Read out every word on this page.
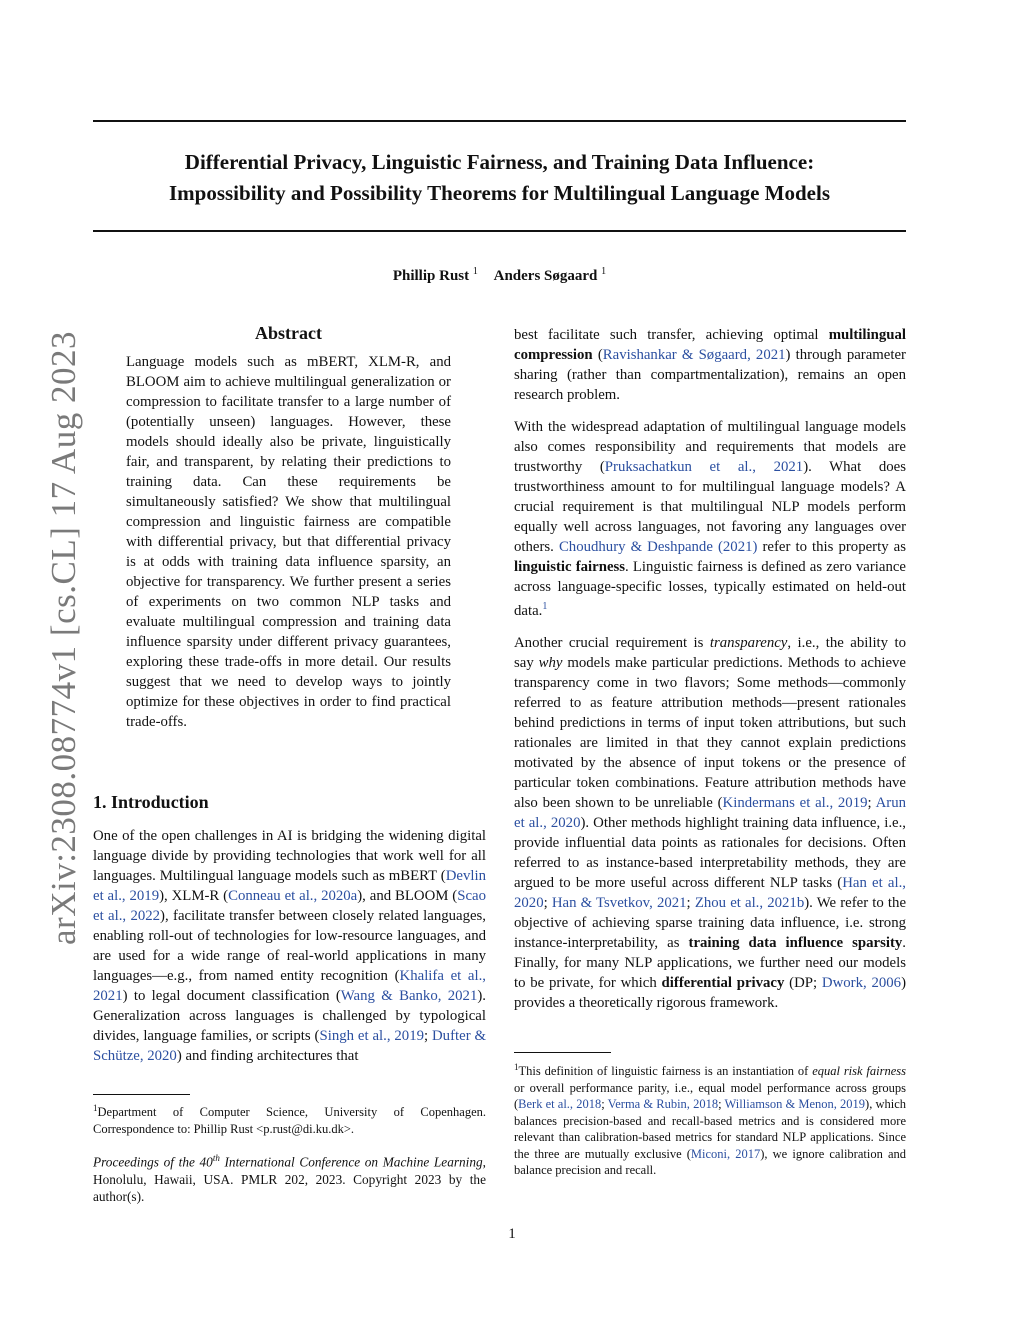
arXiv:2308.08774v1 [cs.CL] 17 Aug 2023
Differential Privacy, Linguistic Fairness, and Training Data Influence:
Impossibility and Possibility Theorems for Multilingual Language Models
Phillip Rust $^1$ Anders Søgaard $^1$
Abstract

Language models such as mBERT, XLM-R, and BLOOM aim to achieve multilingual generalization or compression to facilitate transfer to a large number of (potentially unseen) languages. However, these models should ideally also be private, linguistically fair, and transparent, by relating their predictions to training data. Can these requirements be simultaneously satisfied? We show that multilingual compression and linguistic fairness are compatible with differential privacy, but that differential privacy is at odds with training data influence sparsity, an objective for transparency. We further present a series of experiments on two common NLP tasks and evaluate multilingual compression and training data influence sparsity under different privacy guarantees, exploring these trade-offs in more detail. Our results suggest that we need to develop ways to jointly optimize for these objectives in order to find practical trade-offs.

1. Introduction

One of the open challenges in AI is bridging the widening digital language divide by providing technologies that work well for all languages. Multilingual language models such as mBERT (Devlin et al., 2019), XLM-R (Conneau et al., 2020a), and BLOOM (Scao et al., 2022), facilitate transfer between closely related languages, enabling roll-out of technologies for low-resource languages, and are used for a wide range of real-world applications in many languages—e.g., from named entity recognition (Khalifa et al., 2021) to legal document classification (Wang & Banko, 2021). Generalization across languages is challenged by typological divides, language families, or scripts (Singh et al., 2019; Dufter & Schütze, 2020) and finding architectures that

best facilitate such transfer, achieving optimal multilingual compression (Ravishankar & Søgaard, 2021) through parameter sharing (rather than compartmentalization), remains an open research problem.

With the widespread adaptation of multilingual language models also comes responsibility and requirements that models are trustworthy (Pruksachatkun et al., 2021). What does trustworthiness amount to for multilingual language models? A crucial requirement is that multilingual NLP models perform equally well across languages, not favoring any languages over others. Choudhury & Deshpande (2021) refer to this property as linguistic fairness. Linguistic fairness is defined as zero variance across language-specific losses, typically estimated on held-out data.$^1$

Another crucial requirement is transparency, i.e., the ability to say why models make particular predictions. Methods to achieve transparency come in two flavors; Some methods—commonly referred to as feature attribution methods—present rationales behind predictions in terms of input token attributions, but such rationales are limited in that they cannot explain predictions motivated by the absence of input tokens or the presence of particular token combinations. Feature attribution methods have also been shown to be unreliable (Kindermans et al., 2019; Arun et al., 2020). Other methods highlight training data influence, i.e., provide influential data points as rationales for decisions. Often referred to as instance-based interpretability methods, they are argued to be more useful across different NLP tasks (Han et al., 2020; Han & Tsvetkov, 2021; Zhou et al., 2021b). We refer to the objective of achieving sparse training data influence, i.e. strong instance-interpretability, as training data influence sparsity. Finally, for many NLP applications, we further need our models to be private, for which differential privacy (DP; Dwork, 2006) provides a theoretically rigorous framework.

$^1$Department of Computer Science, University of Copenhagen. Correspondence to: Phillip Rust <p.rust@di.ku.dk>.
Proceedings of the 40th International Conference on Machine Learning, Honolulu, Hawaii, USA. PMLR 202, 2023. Copyright 2023 by the author(s).
$^1$This definition of linguistic fairness is an instantiation of equal risk fairness or overall performance parity, i.e., equal model performance across groups (Berk et al., 2018; Verma & Rubin, 2018; Williamson & Menon, 2019), which balances precision-based and recall-based metrics and is considered more relevant than calibration-based metrics for standard NLP applications. Since the three are mutually exclusive (Miconi, 2017), we ignore calibration and balance precision and recall.
1
